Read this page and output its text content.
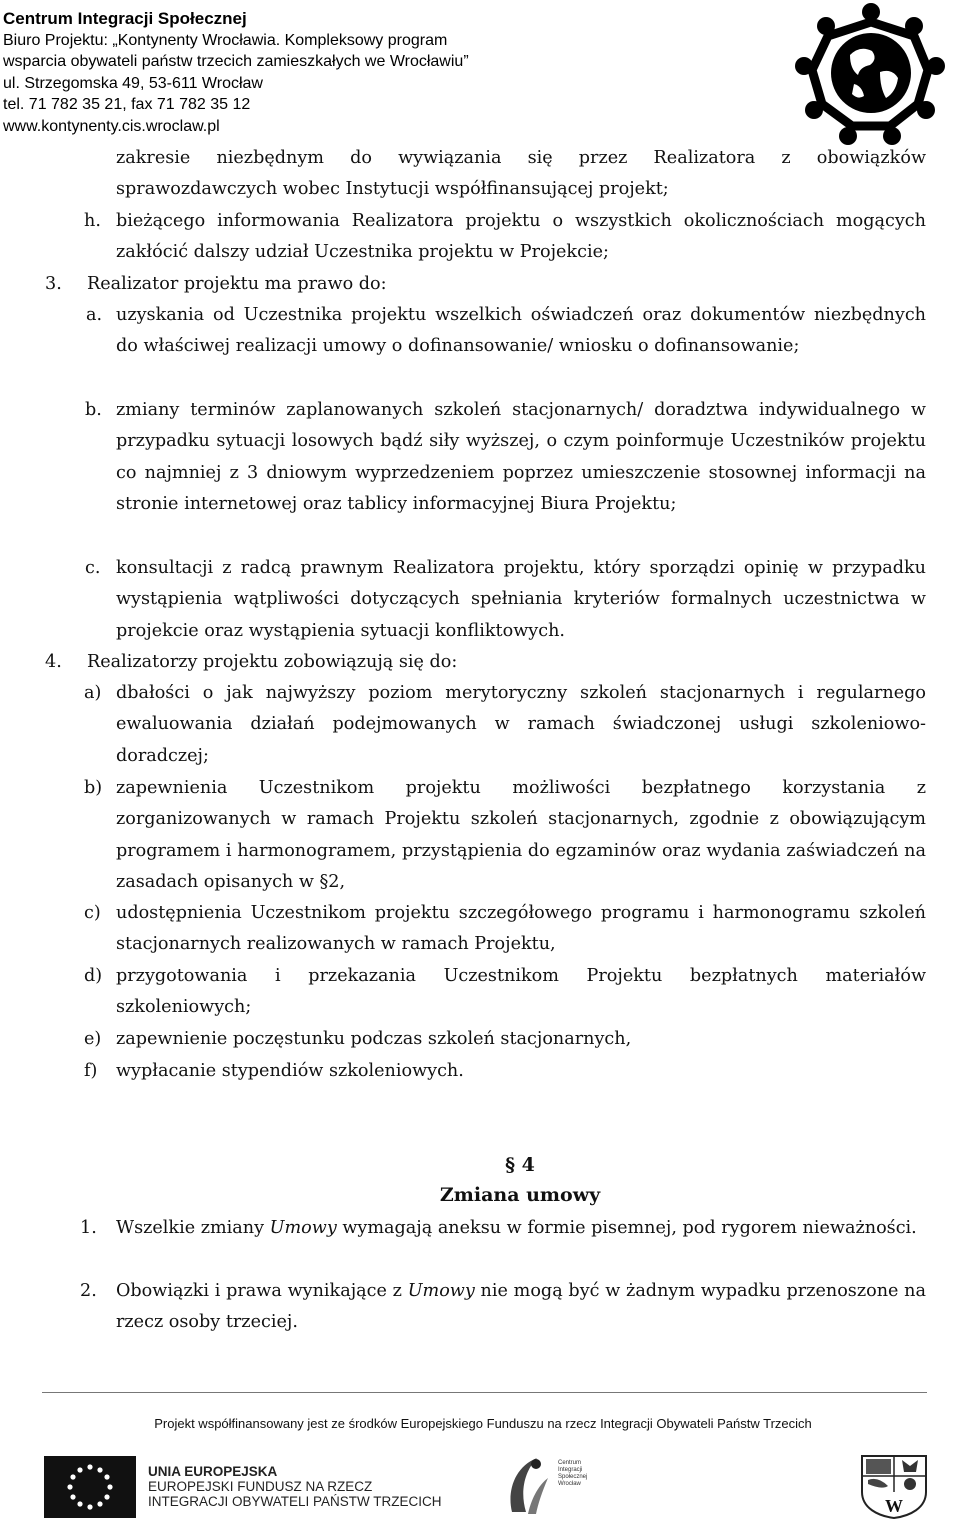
Centrum Integracji Społecznej
Biuro Projektu: „Kontynenty Wrocławia. Kompleksowy program
wsparcia obywateli państw trzecich zamieszkałych we Wrocławiu”
ul. Strzegomska 49, 53-611 Wrocław
tel. 71 782 35 21, fax 71 782 35 12
www.kontynenty.cis.wroclaw.pl
zakresie niezbędnym do wywiązania się przez Realizatora z obowiązków
sprawozdawczych wobec Instytucji współfinansującej projekt;
h. bieżącego informowania Realizatora projektu o wszystkich okolicznościach mogących zakłócić dalszy udział Uczestnika projektu w Projekcie;
3. Realizator projektu ma prawo do:
a. uzyskania od Uczestnika projektu wszelkich oświadczeń oraz dokumentów niezbędnych do właściwej realizacji umowy o dofinansowanie/ wniosku o dofinansowanie;
b. zmiany terminów zaplanowanych szkoleń stacjonarnych/ doradztwa indywidualnego w przypadku sytuacji losowych bądź siły wyższej, o czym poinformuje Uczestników projektu co najmniej z 3 dniowym wyprzedzeniem poprzez umieszczenie stosownej informacji na stronie internetowej oraz tablicy informacyjnej Biura Projektu;
c. konsultacji z radcą prawnym Realizatora projektu, który sporządzi opinię w przypadku wystąpienia wątpliwości dotyczących spełniania kryteriów formalnych uczestnictwa w projekcie oraz wystąpienia sytuacji konfliktowych.
4. Realizatorzy projektu zobowiązują się do:
a) dbałości o jak najwyższy poziom merytoryczny szkoleń stacjonarnych i regularnego ewaluowania działań podejmowanych w ramach świadczonej usługi szkoleniowo-doradczej;
b) zapewnienia Uczestnikom projektu możliwości bezpłatnego korzystania z zorganizowanych w ramach Projektu szkoleń stacjonarnych, zgodnie z obowiązującym programem i harmonogramem, przystąpienia do egzaminów oraz wydania zaświadczeń na zasadach opisanych w §2,
c) udostępnienia Uczestnikom projektu szczegółowego programu i harmonogramu szkoleń stacjonarnych realizowanych w ramach Projektu,
d) przygotowania i przekazania Uczestnikom Projektu bezpłatnych materiałów szkoleniowych;
e) zapewnienie poczęstunku podczas szkoleń stacjonarnych,
f) wypłacanie stypendiów szkoleniowych.
§ 4
Zmiana umowy
1. Wszelkie zmiany Umowy wymagają aneksu w formie pisemnej, pod rygorem nieważności.
2. Obowiązki i prawa wynikające z Umowy nie mogą być w żadnym wypadku przenoszone na rzecz osoby trzeciej.
Projekt współfinansowany jest ze środków Europejskiego Funduszu na rzecz Integracji Obywateli Państw Trzecich
UNIA EUROPEJSKA
EUROPEJSKI FUNDUSZ NA RZECZ
INTEGRACJI OBYWATELI PAŃSTW TRZECICH
Centrum
Integracji
Społecznej
Wrocław
W
